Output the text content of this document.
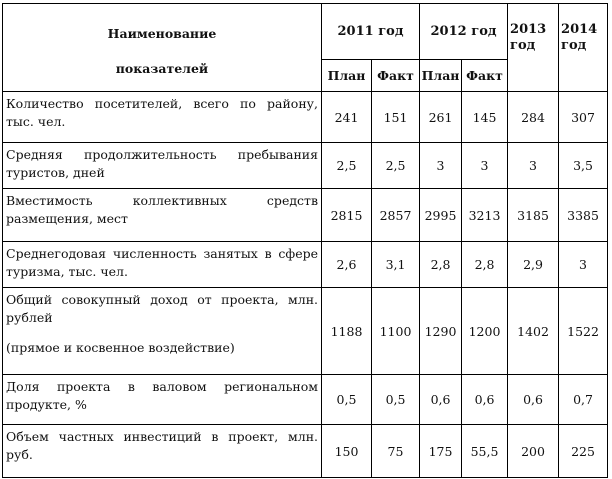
Наименование
показателей	2011 год		2012 год		2013 год	2014 год
	План	Факт	План	Факт		
Количество посетителей, всего по району, тыс. чел.	241	151	261	145	284	307
Средняя продолжительность пребывания туристов, дней	2,5	2,5	3	3	3	3,5
Вместимость коллективных средств размещения, мест	2815	2857	2995	3213	3185	3385
Среднегодовая численность занятых в сфере туризма, тыс. чел.	2,6	3,1	2,8	2,8	2,9	3

Общий совокупный доход от проекта, млн. рублей
(прямое и косвенное воздействие)	1188	1100	1290	1200	1402	1522
Доля проекта в валовом региональном продукте, %	0,5	0,5	0,6	0,6	0,6	0,7
Объем частных инвестиций в проект, млн. руб.	150	75	175	55,5	200	225
